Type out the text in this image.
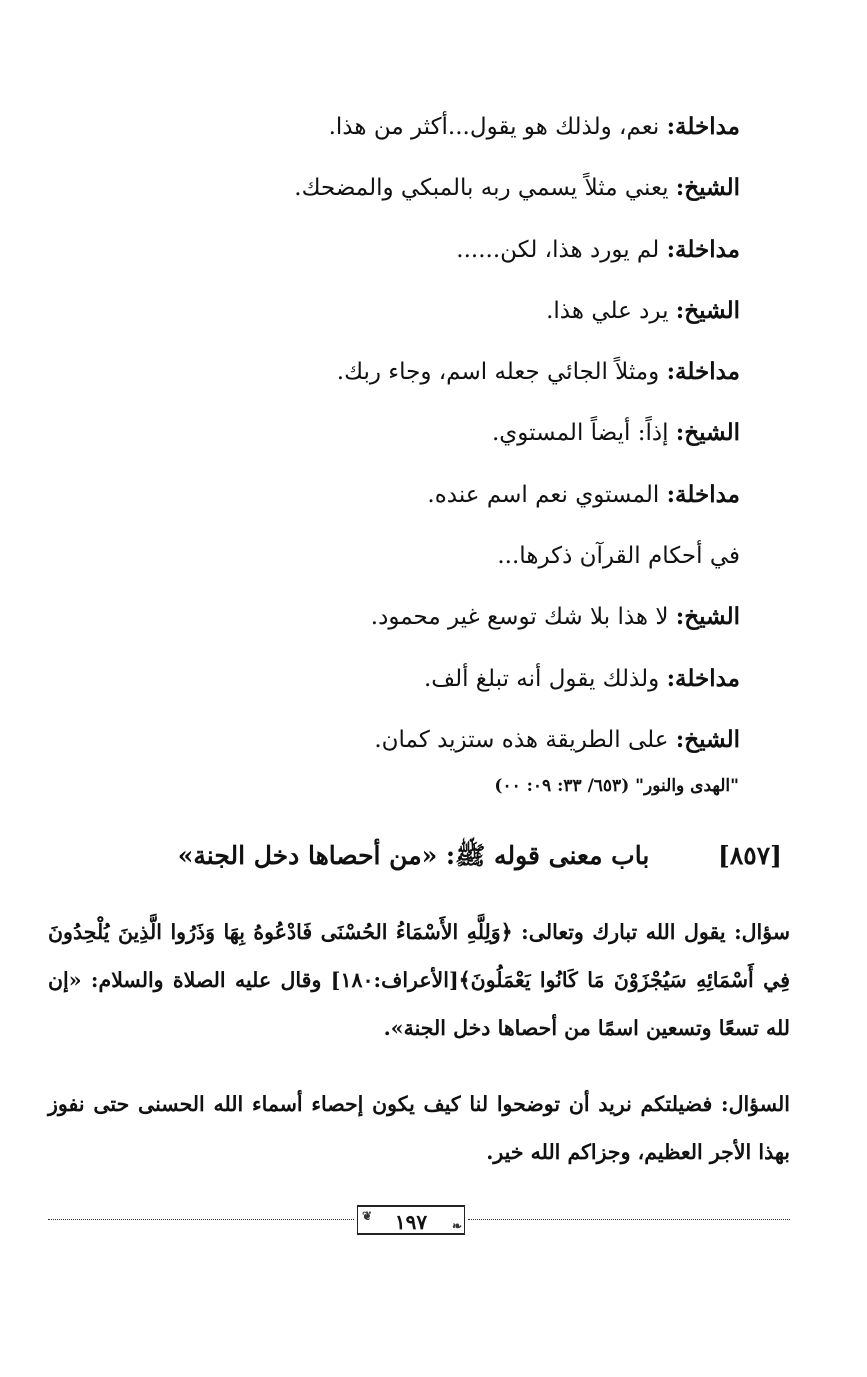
مداخلة: نعم، ولذلك هو يقول...أكثر من هذا.
الشيخ: يعني مثلاً يسمي ربه بالمبكي والمضحك.
مداخلة: لم يورد هذا، لكن......
الشيخ: يرد علي هذا.
مداخلة: ومثلاً الجائي جعله اسم، وجاء ربك.
الشيخ: إذاً: أيضاً المستوي.
مداخلة: المستوي نعم اسم عنده.
في أحكام القرآن ذكرها...
الشيخ: لا هذا بلا شك توسع غير محمود.
مداخلة: ولذلك يقول أنه تبلغ ألف.
الشيخ: على الطريقة هذه ستزيد كمان.
"الهدى والنور" (٦٥٣/ ٣٣: ٠٩: ٠٠)
[٨٥٧] باب معنى قوله ﷺ: «من أحصاها دخل الجنة»
سؤال: يقول الله تبارك وتعالى: ﴿وَلِلَّهِ الأَسْمَاءُ الحُسْنَى فَادْعُوهُ بِهَا وَذَرُوا الَّذِينَ يُلْحِدُونَ فِي أَسْمَائِهِ سَيُجْزَوْنَ مَا كَانُوا يَعْمَلُونَ﴾[الأعراف:١٨٠] وقال عليه الصلاة والسلام: «إن لله تسعًا وتسعين اسمًا من أحصاها دخل الجنة».
السؤال: فضيلتكم نريد أن توضحوا لنا كيف يكون إحصاء أسماء الله الحسنى حتى نفوز بهذا الأجر العظيم، وجزاكم الله خير.
❦ ١٩٧ ❧
